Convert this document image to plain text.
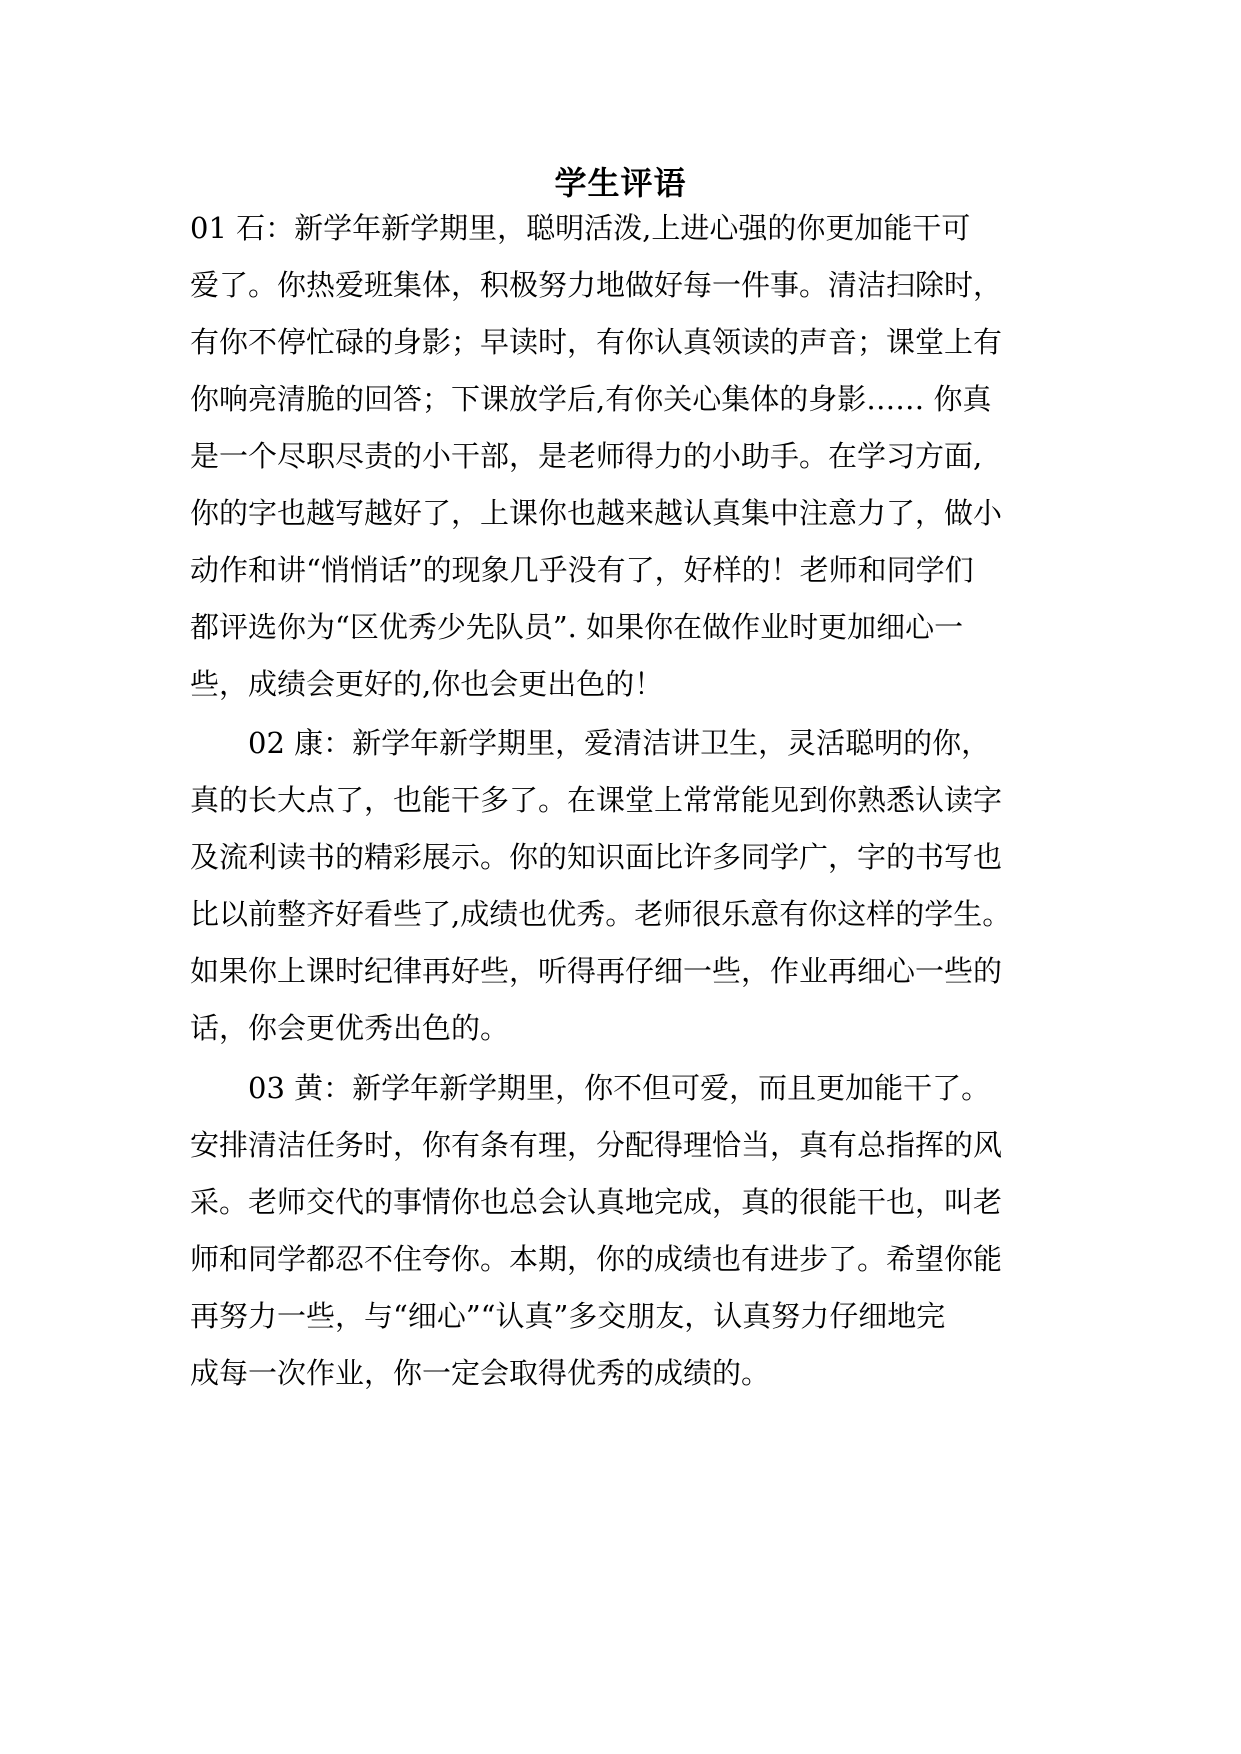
学生评语
01 石：新学年新学期里，聪明活泼,上进心强的你更加能干可
爱了。你热爱班集体，积极努力地做好每一件事。清洁扫除时，
有你不停忙碌的身影；早读时，有你认真领读的声音；课堂上有
你响亮清脆的回答；下课放学后,有你关心集体的身影…… 你真
是一个尽职尽责的小干部，是老师得力的小助手。在学习方面,
你的字也越写越好了，上课你也越来越认真集中注意力了，做小
动作和讲“悄悄话”的现象几乎没有了，好样的！老师和同学们
都评选你为“区优秀少先队员”. 如果你在做作业时更加细心一
些，成绩会更好的,你也会更出色的！
02 康：新学年新学期里，爱清洁讲卫生，灵活聪明的你，
真的长大点了，也能干多了。在课堂上常常能见到你熟悉认读字
及流利读书的精彩展示。你的知识面比许多同学广，字的书写也
比以前整齐好看些了,成绩也优秀。老师很乐意有你这样的学生。
如果你上课时纪律再好些，听得再仔细一些，作业再细心一些的
话，你会更优秀出色的。
03 黄：新学年新学期里，你不但可爱，而且更加能干了。
安排清洁任务时，你有条有理，分配得理恰当，真有总指挥的风
采。老师交代的事情你也总会认真地完成，真的很能干也，叫老
师和同学都忍不住夸你。本期，你的成绩也有进步了。希望你能
再努力一些，与“细心”“认真”多交朋友，认真努力仔细地完
成每一次作业，你一定会取得优秀的成绩的。
